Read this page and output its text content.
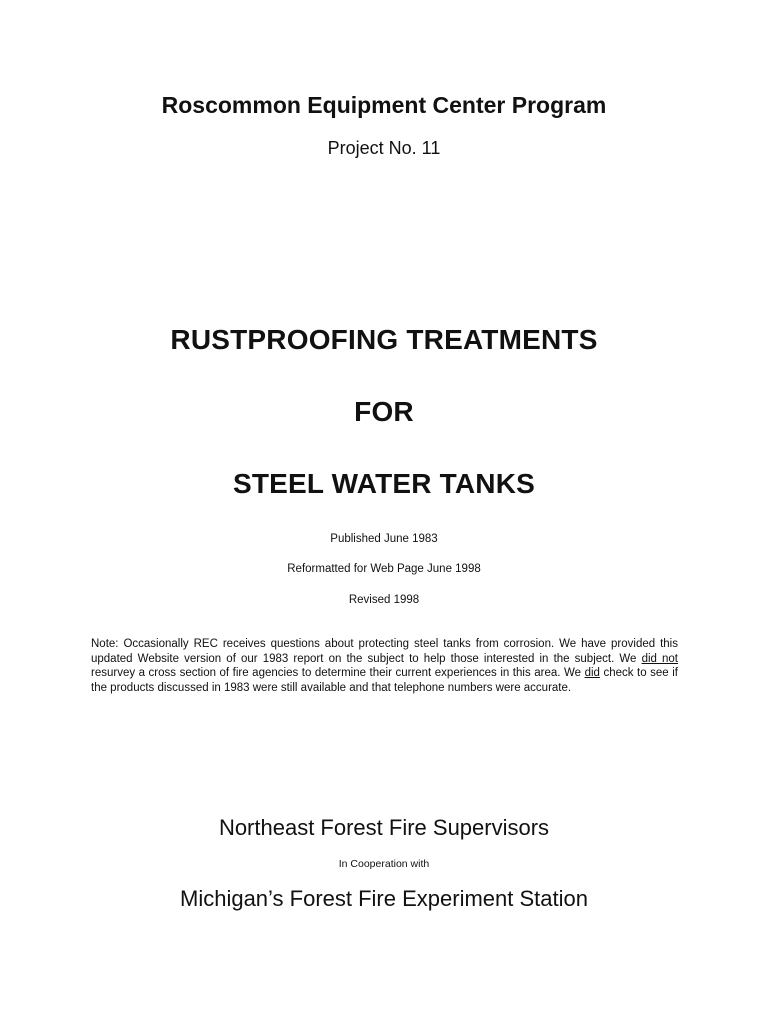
Roscommon Equipment Center Program
Project No. 11
RUSTPROOFING TREATMENTS
FOR
STEEL WATER TANKS
Published June 1983
Reformatted for Web Page June 1998
Revised 1998
Note: Occasionally REC receives questions about protecting steel tanks from corrosion. We have provided this updated Website version of our 1983 report on the subject to help those interested in the subject. We did not resurvey a cross section of fire agencies to determine their current experiences in this area. We did check to see if the products discussed in 1983 were still available and that telephone numbers were accurate.
Northeast Forest Fire Supervisors
In Cooperation with
Michigan’s Forest Fire Experiment Station
